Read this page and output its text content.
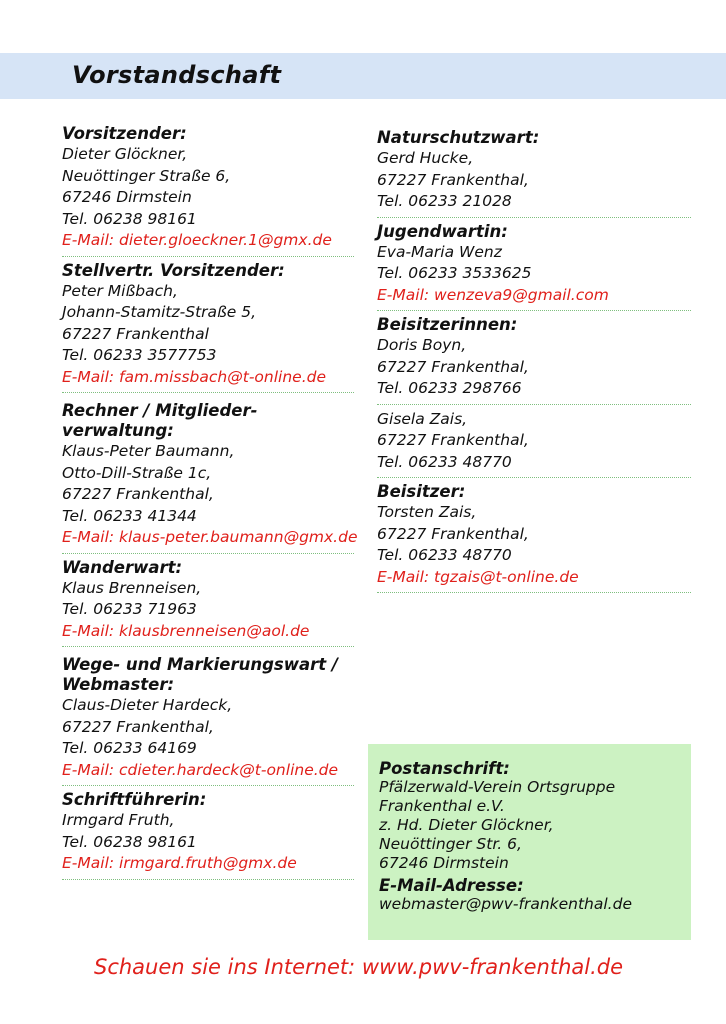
Vorstandschaft
Vorsitzender:
Dieter Glöckner,
Neuöttinger Straße 6,
67246 Dirmstein
Tel. 06238 98161
E-Mail: dieter.gloeckner.1@gmx.de
Stellvertr. Vorsitzender:
Peter Mißbach,
Johann-Stamitz-Straße 5,
67227 Frankenthal
Tel. 06233 3577753
E-Mail: fam.missbach@t-online.de
Rechner / Mitglieder-
verwaltung:
Klaus-Peter Baumann,
Otto-Dill-Straße 1c,
67227 Frankenthal,
Tel. 06233 41344
E-Mail: klaus-peter.baumann@gmx.de
Wanderwart:
Klaus Brenneisen,
Tel. 06233 71963
E-Mail: klausbrenneisen@aol.de
Wege- und Markierungswart /
Webmaster:
Claus-Dieter Hardeck,
67227 Frankenthal,
Tel. 06233 64169
E-Mail: cdieter.hardeck@t-online.de
Schriftführerin:
Irmgard Fruth,
Tel. 06238 98161
E-Mail: irmgard.fruth@gmx.de
Naturschutzwart:
Gerd Hucke,
67227 Frankenthal,
Tel. 06233 21028
Jugendwartin:
Eva-Maria Wenz
Tel. 06233 3533625
E-Mail: wenzeva9@gmail.com
Beisitzerinnen:
Doris Boyn,
67227 Frankenthal,
Tel. 06233 298766
Gisela Zais,
67227 Frankenthal,
Tel. 06233 48770
Beisitzer:
Torsten Zais,
67227 Frankenthal,
Tel. 06233 48770
E-Mail: tgzais@t-online.de
Postanschrift:
Pfälzerwald-Verein Ortsgruppe
Frankenthal e.V.
z. Hd. Dieter Glöckner,
Neuöttinger Str. 6,
67246 Dirmstein
E-Mail-Adresse:
webmaster@pwv-frankenthal.de
Schauen sie ins Internet: www.pwv-frankenthal.de
